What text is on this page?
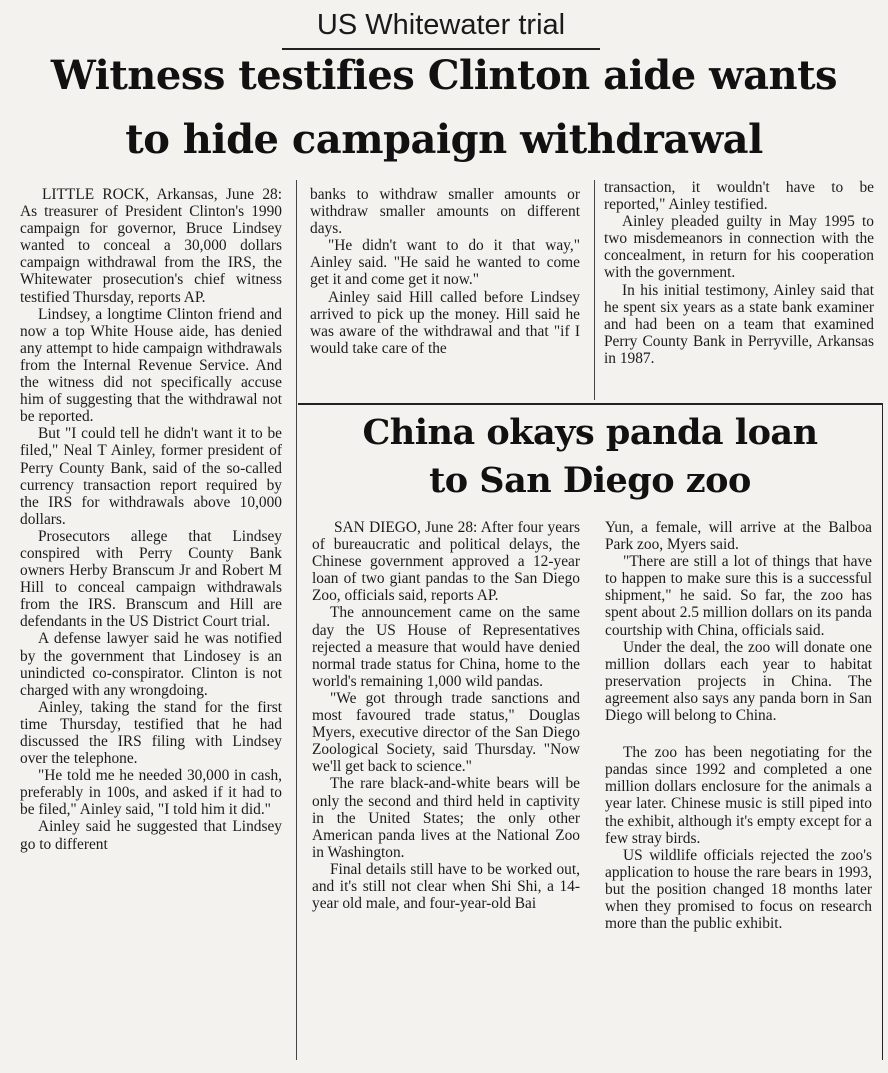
US Whitewater trial
Witness testifies Clinton aide wants
to hide campaign withdrawal

LITTLE ROCK, Arkansas, June 28: As treasurer of President Clinton's 1990 campaign for governor, Bruce Lindsey wanted to conceal a 30,000 dollars campaign withdrawal from the IRS, the Whitewater prosecution's chief witness testified Thursday, reports AP.

Lindsey, a longtime Clinton friend and now a top White House aide, has denied any attempt to hide campaign withdrawals from the Internal Revenue Service. And the witness did not specifically accuse him of suggesting that the withdrawal not be reported.

But "I could tell he didn't want it to be filed," Neal T Ainley, former president of Perry County Bank, said of the so-called currency transaction report required by the IRS for withdrawals above 10,000 dollars.

Prosecutors allege that Lindsey conspired with Perry County Bank owners Herby Branscum Jr and Robert M Hill to conceal campaign withdrawals from the IRS. Branscum and Hill are defendants in the US District Court trial.

A defense lawyer said he was notified by the government that Lindosey is an unindicted co-conspirator. Clinton is not charged with any wrongdoing.

Ainley, taking the stand for the first time Thursday, testified that he had discussed the IRS filing with Lindsey over the telephone.

"He told me he needed 30,000 in cash, preferably in 100s, and asked if it had to be filed," Ainley said, "I told him it did."

Ainley said he suggested that Lindsey go to different

banks to withdraw smaller amounts or withdraw smaller amounts on different days.

"He didn't want to do it that way," Ainley said. "He said he wanted to come get it and come get it now."

Ainley said Hill called before Lindsey arrived to pick up the money. Hill said he was aware of the withdrawal and that "if I would take care of the

transaction, it wouldn't have to be reported," Ainley testified.

Ainley pleaded guilty in May 1995 to two misdemeanors in connection with the concealment, in return for his cooperation with the government.

In his initial testimony, Ainley said that he spent six years as a state bank examiner and had been on a team that examined Perry County Bank in Perryville, Arkansas in 1987.

China okays panda loan
to San Diego zoo

SAN DIEGO, June 28: After four years of bureaucratic and political delays, the Chinese government approved a 12-year loan of two giant pandas to the San Diego Zoo, officials said, reports AP.

The announcement came on the same day the US House of Representatives rejected a measure that would have denied normal trade status for China, home to the world's remaining 1,000 wild pandas.

"We got through trade sanctions and most favoured trade status," Douglas Myers, executive director of the San Diego Zoological Society, said Thursday. "Now we'll get back to science."

The rare black-and-white bears will be only the second and third held in captivity in the United States; the only other American panda lives at the National Zoo in Washington.

Final details still have to be worked out, and it's still not clear when Shi Shi, a 14-year old male, and four-year-old Bai

Yun, a female, will arrive at the Balboa Park zoo, Myers said.

"There are still a lot of things that have to happen to make sure this is a successful shipment," he said. So far, the zoo has spent about 2.5 million dollars on its panda courtship with China, officials said.

Under the deal, the zoo will donate one million dollars each year to habitat preservation projects in China. The agreement also says any panda born in San Diego will belong to China.

The zoo has been negotiating for the pandas since 1992 and completed a one million dollars enclosure for the animals a year later. Chinese music is still piped into the exhibit, although it's empty except for a few stray birds.

US wildlife officials rejected the zoo's application to house the rare bears in 1993, but the position changed 18 months later when they promised to focus on research more than the public exhibit.
